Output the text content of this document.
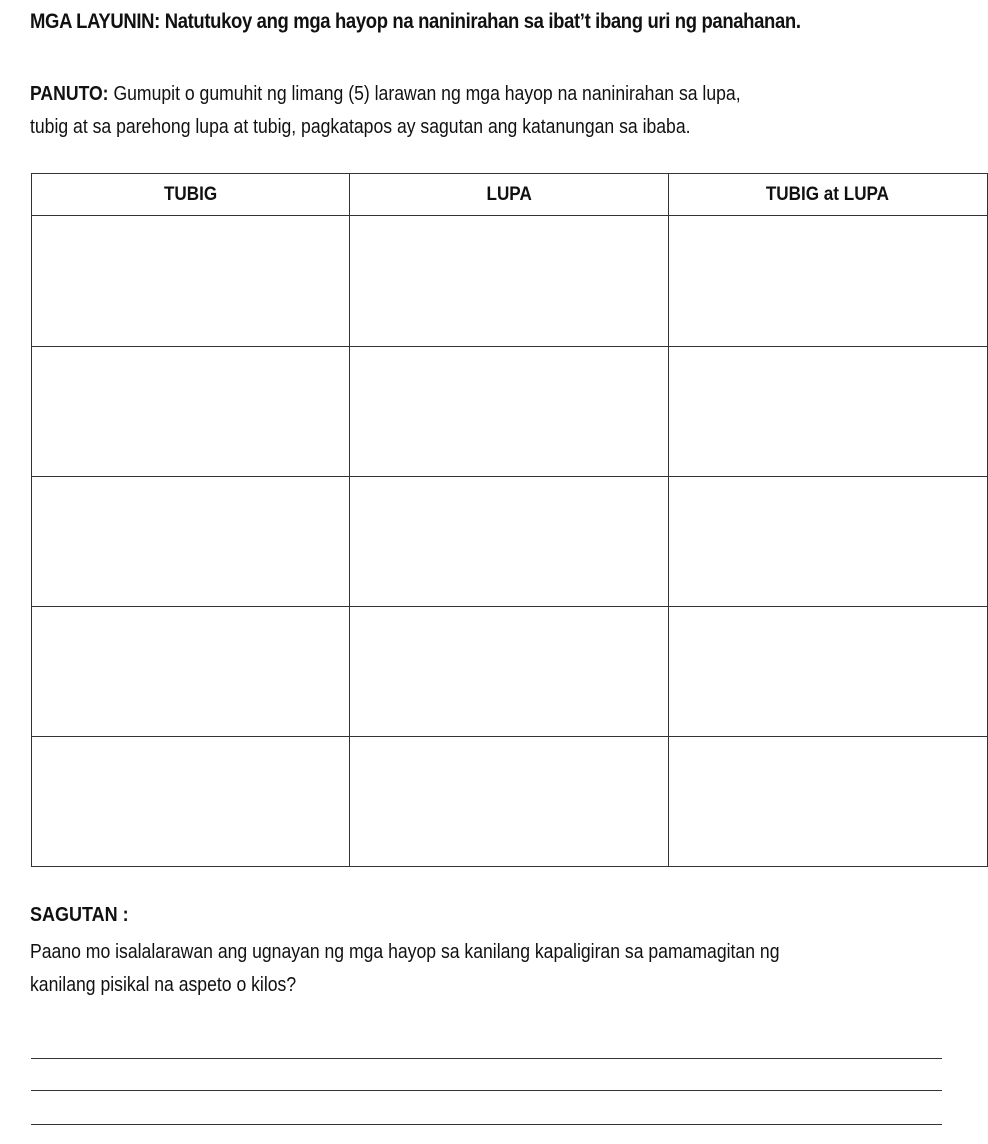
MGA LAYUNIN: Natutukoy ang mga hayop na naninirahan sa ibat’t ibang uri ng panahanan.
PANUTO: Gumupit o gumuhit ng limang (5) larawan ng mga hayop na naninirahan sa lupa,
tubig at sa parehong lupa at tubig, pagkatapos ay sagutan ang katanungan sa ibaba.
TUBIG	LUPA	TUBIG at LUPA

SAGUTAN :
Paano mo isalalarawan ang ugnayan ng mga hayop sa kanilang kapaligiran sa pamamagitan ng
kanilang pisikal na aspeto o kilos?
